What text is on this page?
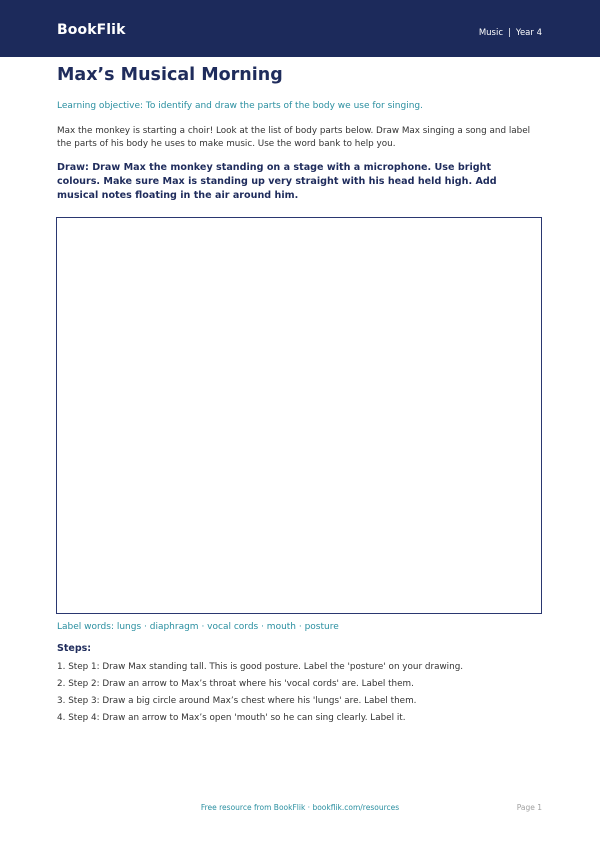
BookFlik	Music | Year 4
Max’s Musical Morning
Learning objective: To identify and draw the parts of the body we use for singing.
Max the monkey is starting a choir! Look at the list of body parts below. Draw Max singing a song and label the parts of his body he uses to make music. Use the word bank to help you.
Draw: Draw Max the monkey standing on a stage with a microphone. Use bright colours. Make sure Max is standing up very straight with his head held high. Add musical notes floating in the air around him.
Label words: lungs · diaphragm · vocal cords · mouth · posture
Steps:
1. Step 1: Draw Max standing tall. This is good posture. Label the 'posture' on your drawing.
2. Step 2: Draw an arrow to Max’s throat where his 'vocal cords' are. Label them.
3. Step 3: Draw a big circle around Max’s chest where his 'lungs' are. Label them.
4. Step 4: Draw an arrow to Max’s open 'mouth' so he can sing clearly. Label it.
Free resource from BookFlik · bookflik.com/resources	Page 1
